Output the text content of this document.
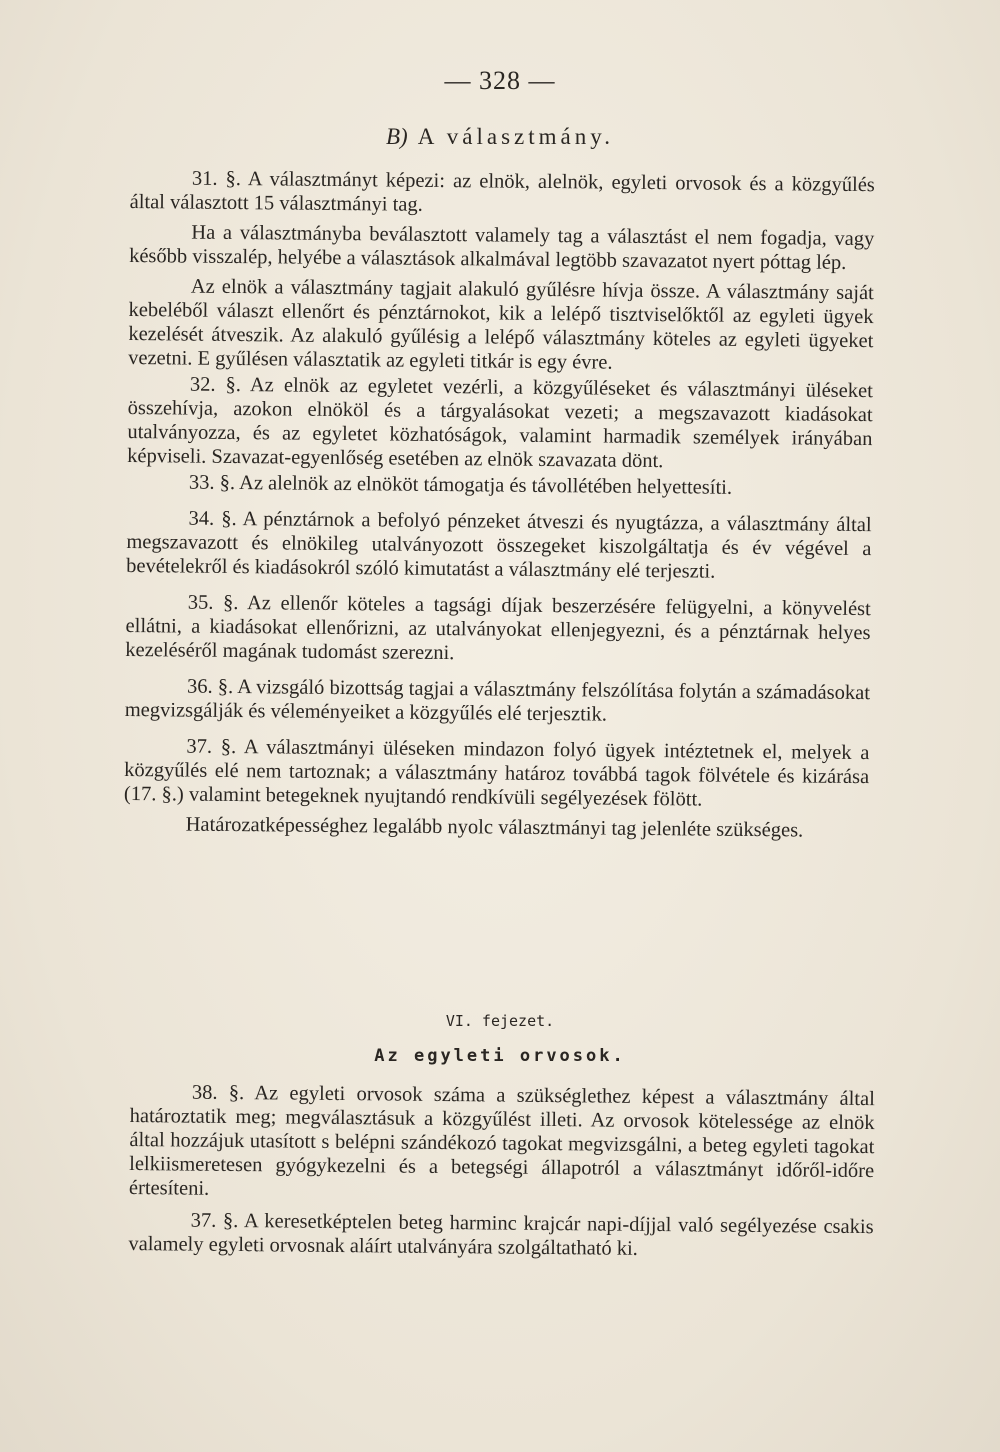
— 328 —
B) A választmány.

31. §. A választmányt képezi: az elnök, alelnök, egyleti orvosok és a közgyűlés által választott 15 választmányi tag.

Ha a választmányba beválasztott valamely tag a választást el nem fogadja, vagy később visszalép, helyébe a választások alkalmával legtöbb szavazatot nyert póttag lép.

Az elnök a választmány tagjait alakuló gyűlésre hívja össze. A választmány saját kebeléből választ ellenőrt és pénztárnokot, kik a lelépő tisztviselőktől az egyleti ügyek kezelését átveszik. Az alakuló gyűlésig a lelépő választmány köteles az egyleti ügyeket vezetni. E gyűlésen választatik az egyleti titkár is egy évre.

32. §. Az elnök az egyletet vezérli, a közgyűléseket és választmányi üléseket összehívja, azokon elnököl és a tárgyalásokat vezeti; a megszavazott kiadásokat utalványozza, és az egyletet közhatóságok, valamint harmadik személyek irányában képviseli. Szavazat-egyenlőség esetében az elnök szavazata dönt.

33. §. Az alelnök az elnököt támogatja és távollétében helyettesíti.

34. §. A pénztárnok a befolyó pénzeket átveszi és nyugtázza, a választmány által megszavazott és elnökileg utalványozott összegeket kiszolgáltatja és év végével a bevételekről és kiadásokról szóló kimutatást a választmány elé terjeszti.

35. §. Az ellenőr köteles a tagsági díjak beszerzésére felügyelni, a könyvelést ellátni, a kiadásokat ellenőrizni, az utalványokat ellenjegyezni, és a pénztárnak helyes kezeléséről magának tudomást szerezni.

36. §. A vizsgáló bizottság tagjai a választmány felszólítása folytán a számadásokat megvizsgálják és véleményeiket a közgyűlés elé terjesztik.

37. §. A választmányi üléseken mindazon folyó ügyek intéztetnek el, melyek a közgyűlés elé nem tartoznak; a választmány határoz továbbá tagok fölvétele és kizárása (17. §.) valamint betegeknek nyujtandó rendkívüli segélyezések fölött.

Határozatképességhez legalább nyolc választmányi tag jelenléte szükséges.

VI. fejezet.
Az egyleti orvosok.

38. §. Az egyleti orvosok száma a szükséglethez képest a választmány által határoztatik meg; megválasztásuk a közgyűlést illeti. Az orvosok kötelessége az elnök által hozzájuk utasított s belépni szándékozó tagokat megvizsgálni, a beteg egyleti tagokat lelkiismeretesen gyógykezelni és a betegségi állapotról a választmányt időről-időre értesíteni.

37. §. A keresetképtelen beteg harminc krajcár napi-díjjal való segélyezése csakis valamely egyleti orvosnak aláírt utalványára szolgáltatható ki.
